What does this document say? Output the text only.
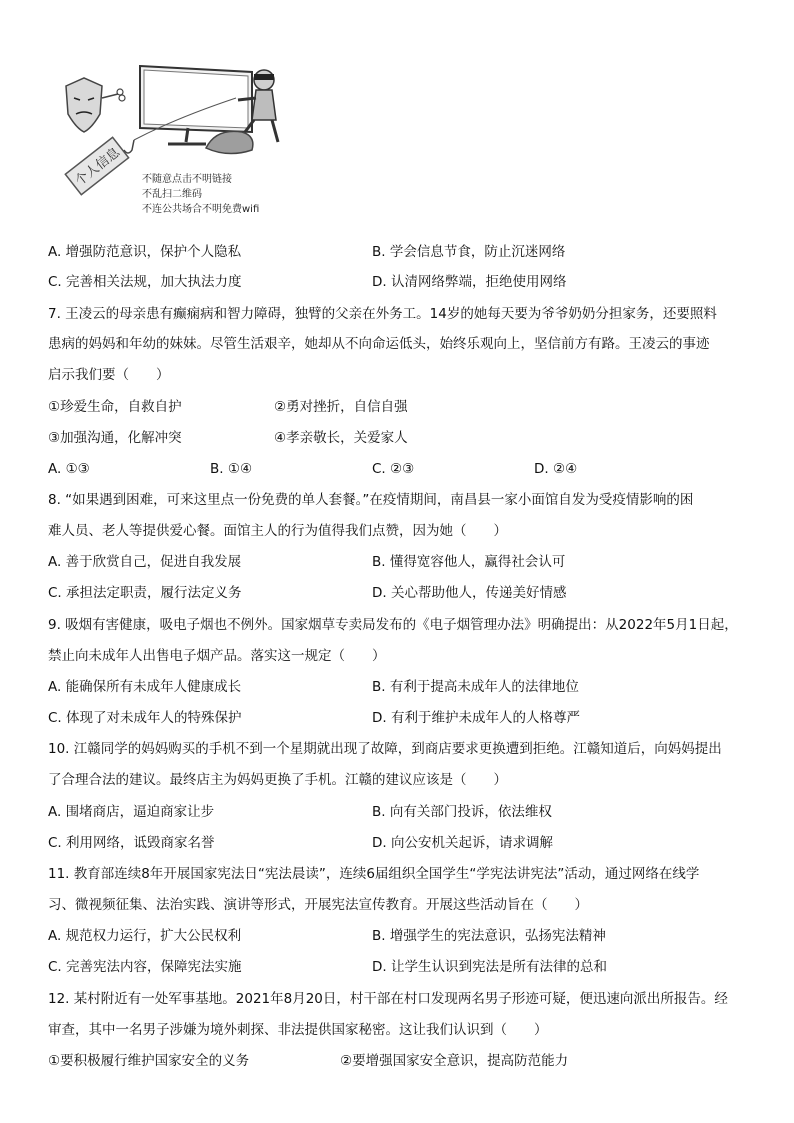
个人信息 不随意点击不明链接
不乱扫二维码
不连公共场合不明免费wifi
A. 增强防范意识，保护个人隐私	B. 学会信息节食，防止沉迷网络
C. 完善相关法规，加大执法力度	D. 认清网络弊端，拒绝使用网络
7. 王凌云的母亲患有癫痫病和智力障碍，独臂的父亲在外务工。14岁的她每天要为爷爷奶奶分担家务，还要照料
患病的妈妈和年幼的妹妹。尽管生活艰辛，她却从不向命运低头，始终乐观向上，坚信前方有路。王凌云的事迹
启示我们要（　　）
①珍爱生命，自救自护	②勇对挫折，自信自强
③加强沟通，化解冲突	④孝亲敬长，关爱家人
A. ①③	B. ①④	C. ②③	D. ②④
8. “如果遇到困难，可来这里点一份免费的单人套餐。”在疫情期间，南昌县一家小面馆自发为受疫情影响的困
难人员、老人等提供爱心餐。面馆主人的行为值得我们点赞，因为她（　　）
A. 善于欣赏自己，促进自我发展	B. 懂得宽容他人，赢得社会认可
C. 承担法定职责，履行法定义务	D. 关心帮助他人，传递美好情感
9. 吸烟有害健康，吸电子烟也不例外。国家烟草专卖局发布的《电子烟管理办法》明确提出：从2022年5月1日起，
禁止向未成年人出售电子烟产品。落实这一规定（　　）
A. 能确保所有未成年人健康成长	B. 有利于提高未成年人的法律地位
C. 体现了对未成年人的特殊保护	D. 有利于维护未成年人的人格尊严
10. 江赣同学的妈妈购买的手机不到一个星期就出现了故障，到商店要求更换遭到拒绝。江赣知道后，向妈妈提出
了合理合法的建议。最终店主为妈妈更换了手机。江赣的建议应该是（　　）
A. 围堵商店，逼迫商家让步	B. 向有关部门投诉，依法维权
C. 利用网络，诋毁商家名誉	D. 向公安机关起诉，请求调解
11. 教育部连续8年开展国家宪法日“宪法晨读”，连续6届组织全国学生“学宪法讲宪法”活动，通过网络在线学
习、微视频征集、法治实践、演讲等形式，开展宪法宣传教育。开展这些活动旨在（　　）
A. 规范权力运行，扩大公民权利	B. 增强学生的宪法意识，弘扬宪法精神
C. 完善宪法内容，保障宪法实施	D. 让学生认识到宪法是所有法律的总和
12. 某村附近有一处军事基地。2021年8月20日，村干部在村口发现两名男子形迹可疑，便迅速向派出所报告。经
审查，其中一名男子涉嫌为境外刺探、非法提供国家秘密。这让我们认识到（　　）
①要积极履行维护国家安全的义务	②要增强国家安全意识，提高防范能力
